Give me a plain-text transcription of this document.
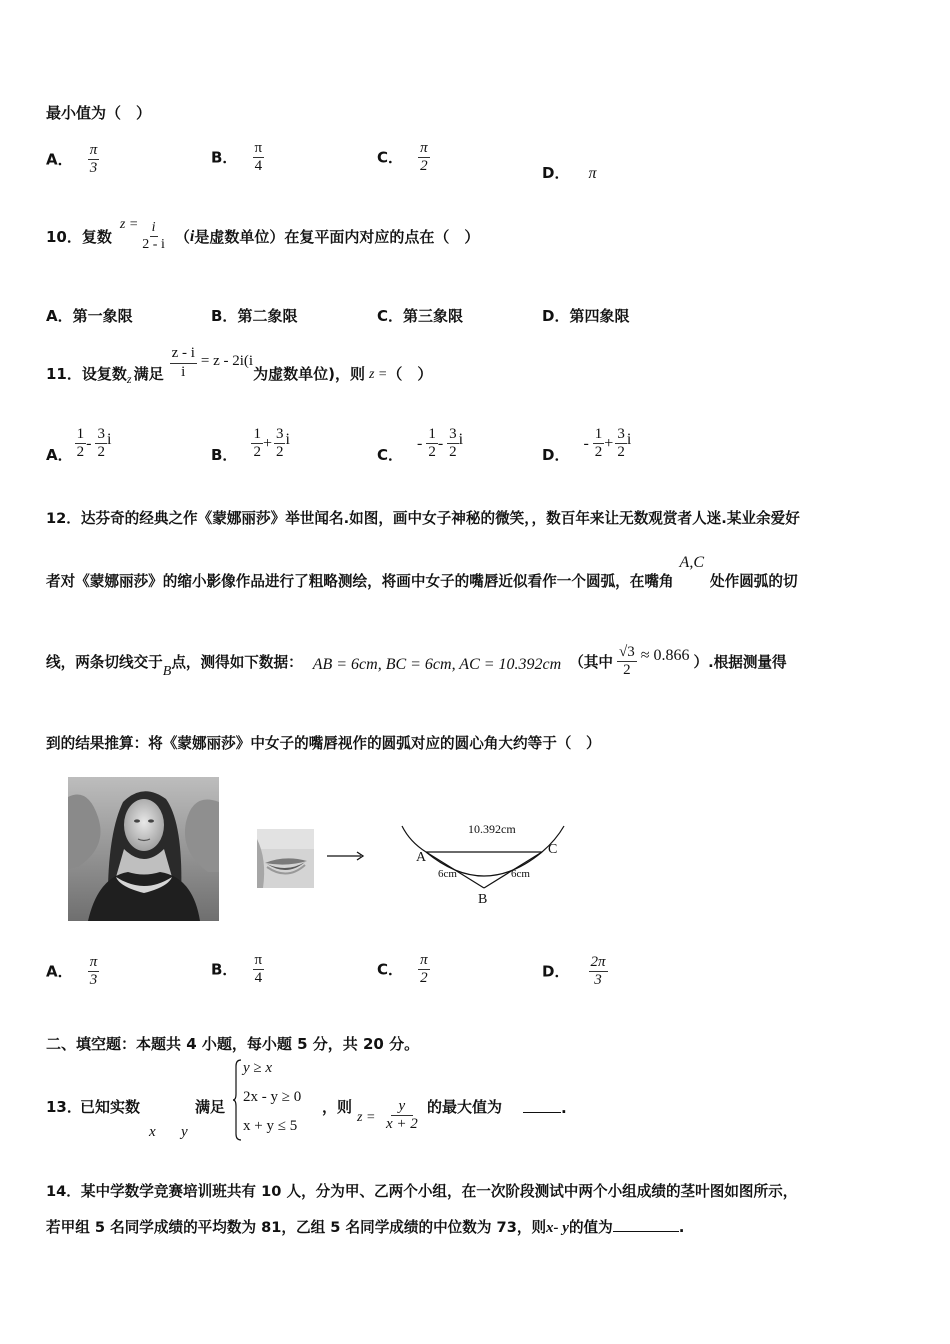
最小值为（　）
A． $\frac{\pi}{3}$	B． $\frac{\pi}{4}$	C． $\frac{\pi}{2}$	D． π
10． 复数
$z = \frac{i}{2 - i}$ （ i 是虚数单位）在复平面内对应的点在（　）
A．第一象限	B．第二象限	C．第三象限	D．第四象限
11． 设复数 z 满足 $\frac{z - i}{i} = z - 2i(i$
为虚数单位)，则 z = （　）
A． $\frac{1}{2} - \frac{3}{2}$ i
B． $\frac{1}{2} + \frac{3}{2}$ i
C．
- $\frac{1}{2} - \frac{3}{2}$ i
D．
- $\frac{1}{2} + \frac{3}{2}$ i
12．达芬奇的经典之作《蒙娜丽莎》举世闻名.如图，画中女子神秘的微笑，，数百年来让无数观赏者人迷.某业余爱好
者对《蒙娜丽莎》的缩小影像作品进行了粗略测绘，将画中女子的嘴唇近似看作一个圆弧，在嘴角
A,C
处作圆弧的切
线，两条切线交于 B 点，测得如下数据： AB = 6cm, BC = 6cm, AC = 10.392cm （其中 $\frac{√3}{2} \approx 0.866$ ）.根据测量得
到的结果推算：将《蒙娜丽莎》中女子的嘴唇视作的圆弧对应的圆心角大约等于（　）
10.392cm
A
C
B
6cm	6cm
A． $\frac{\pi}{3}$	B． $\frac{\pi}{4}$	C． $\frac{\pi}{2}$	D． $\frac{2\pi}{3}$
二、填空题：本题共 4 小题，每小题 5 分，共 20 分。
13．
已知实数
x y
满足
y ≥ x
2x - y ≥ 0
x + y ≤ 5
，则
$z = \frac{y}{x + 2}$ 的最大值为	.
14．某中学数学竞赛培训班共有 10 人，分为甲、乙两个小组，在一次阶段测试中两个小组成绩的茎叶图如图所示，
若甲组 5 名同学成绩的平均数为 81，乙组 5 名同学成绩的中位数为 73，则 x- y 的值为	.
